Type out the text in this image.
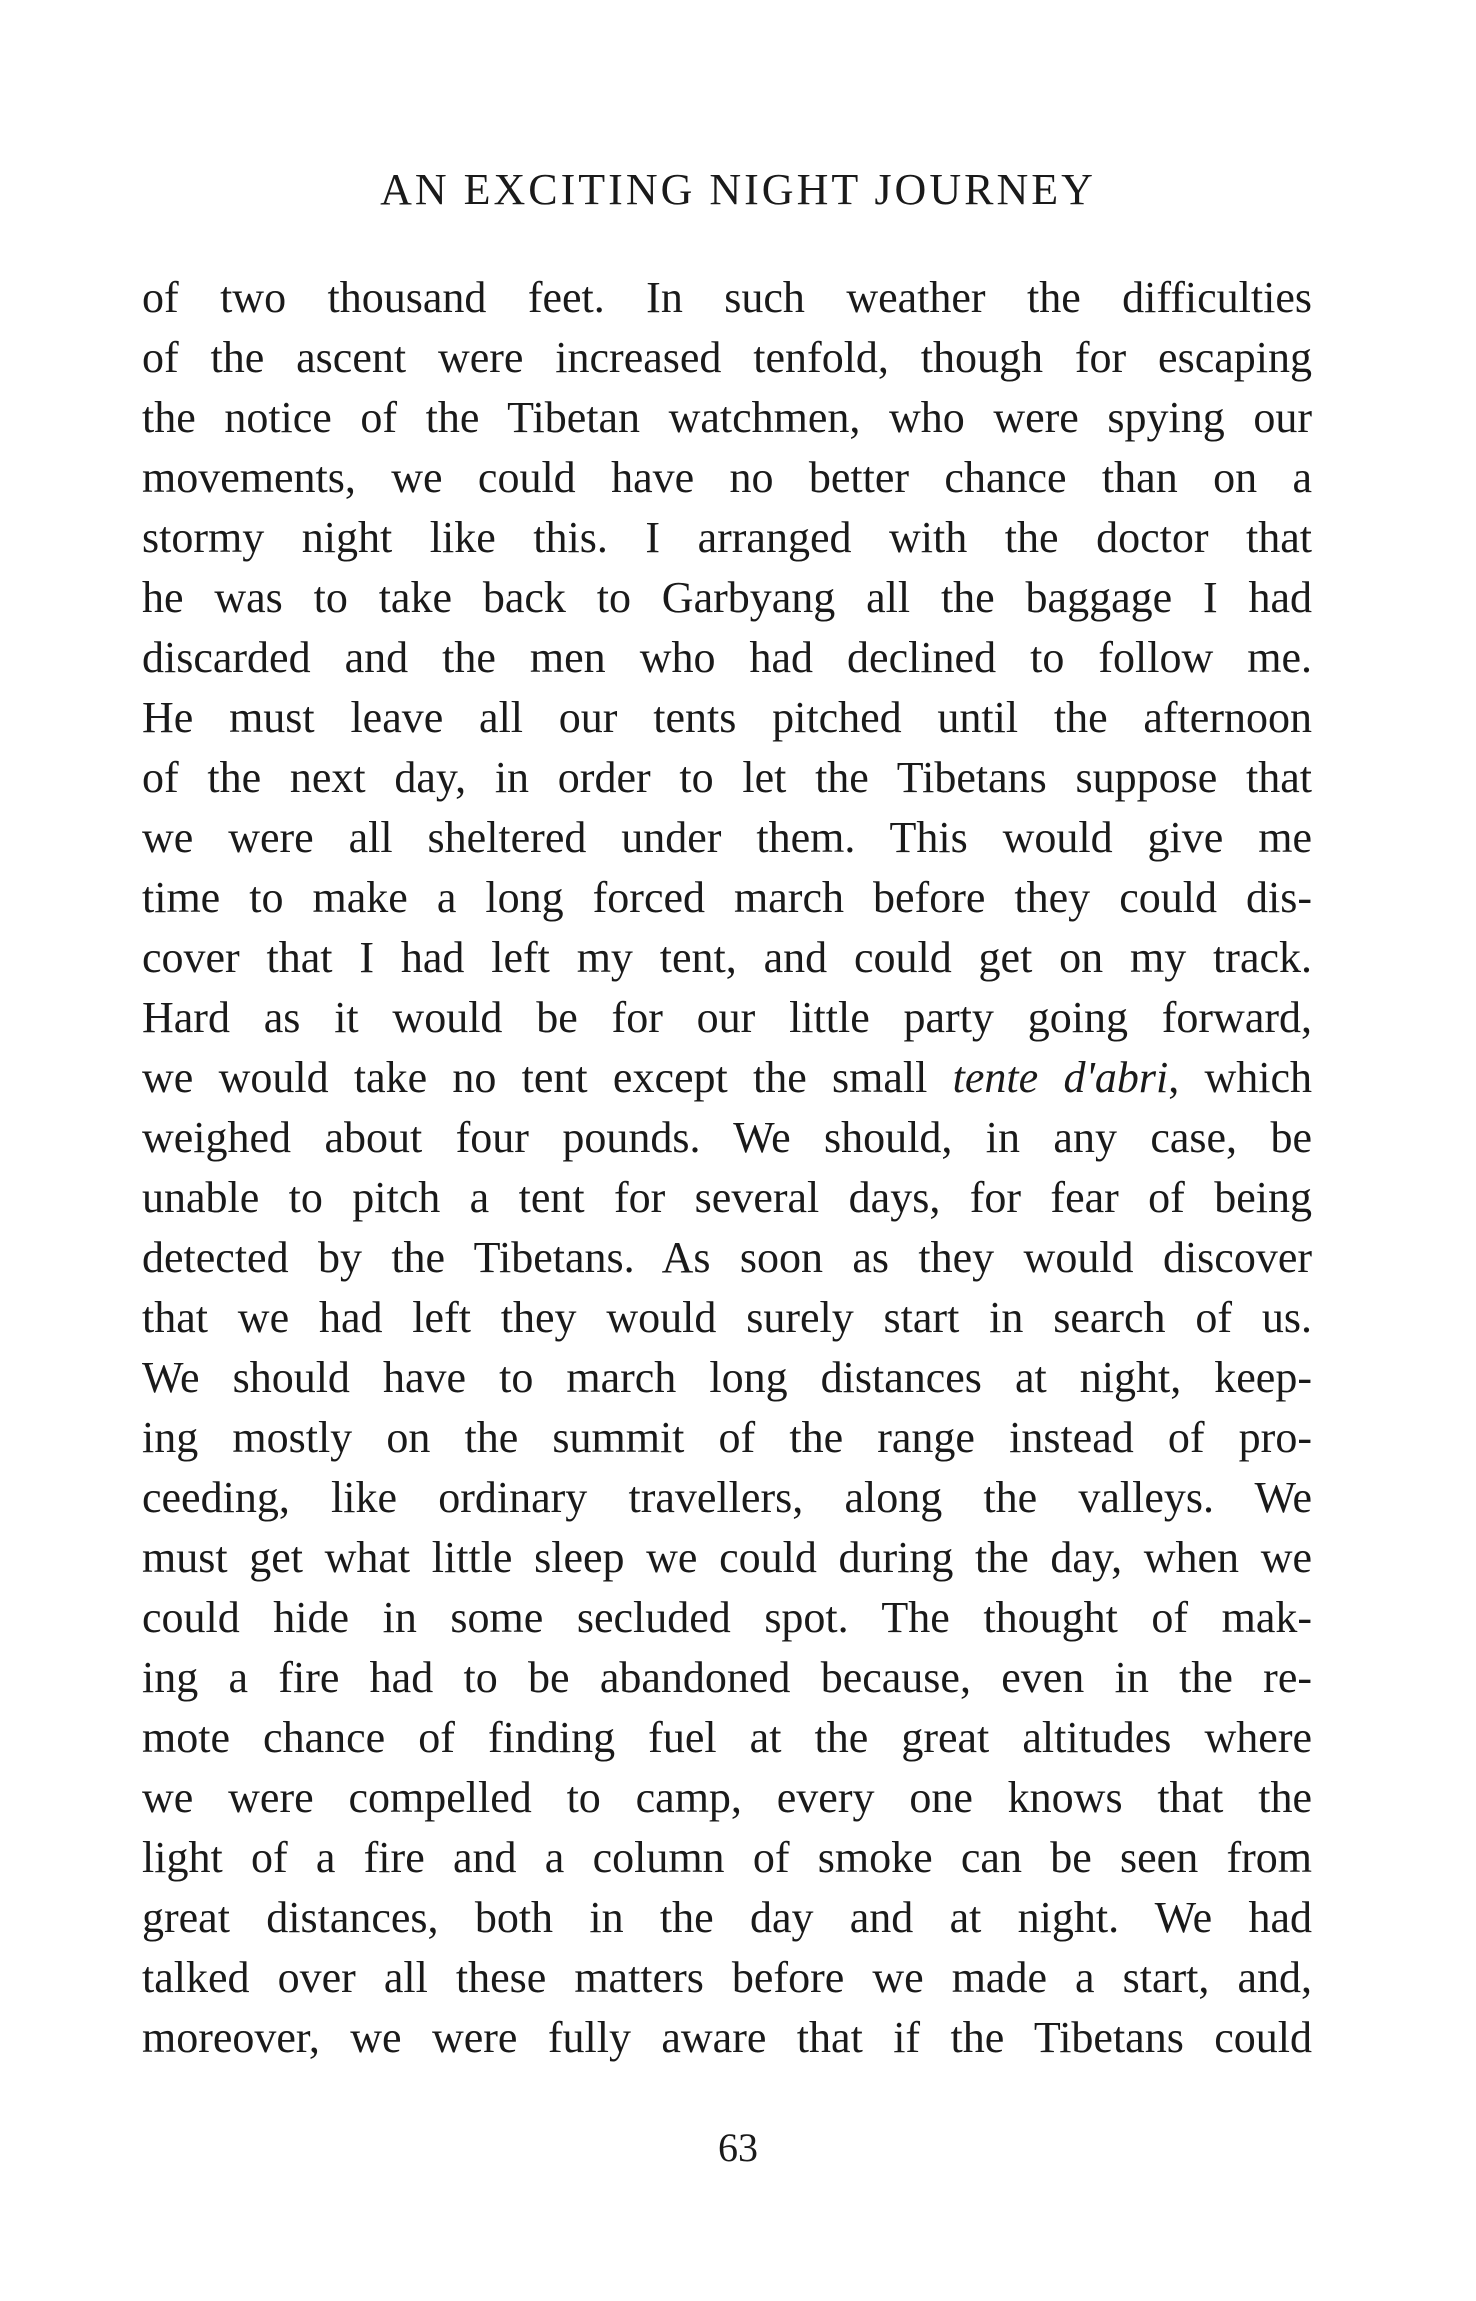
AN EXCITING NIGHT JOURNEY
of two thousand feet. In such weather the difficulties
of the ascent were increased tenfold, though for escaping
the notice of the Tibetan watchmen, who were spying our
movements, we could have no better chance than on a
stormy night like this. I arranged with the doctor that
he was to take back to Garbyang all the baggage I had
discarded and the men who had declined to follow me.
He must leave all our tents pitched until the afternoon
of the next day, in order to let the Tibetans suppose that
we were all sheltered under them. This would give me
time to make a long forced march before they could dis-
cover that I had left my tent, and could get on my track.
Hard as it would be for our little party going forward,
we would take no tent except the small tente d'abri, which
weighed about four pounds. We should, in any case, be
unable to pitch a tent for several days, for fear of being
detected by the Tibetans. As soon as they would discover
that we had left they would surely start in search of us.
We should have to march long distances at night, keep-
ing mostly on the summit of the range instead of pro-
ceeding, like ordinary travellers, along the valleys. We
must get what little sleep we could during the day, when we
could hide in some secluded spot. The thought of mak-
ing a fire had to be abandoned because, even in the re-
mote chance of finding fuel at the great altitudes where
we were compelled to camp, every one knows that the
light of a fire and a column of smoke can be seen from
great distances, both in the day and at night. We had
talked over all these matters before we made a start, and,
moreover, we were fully aware that if the Tibetans could
63
